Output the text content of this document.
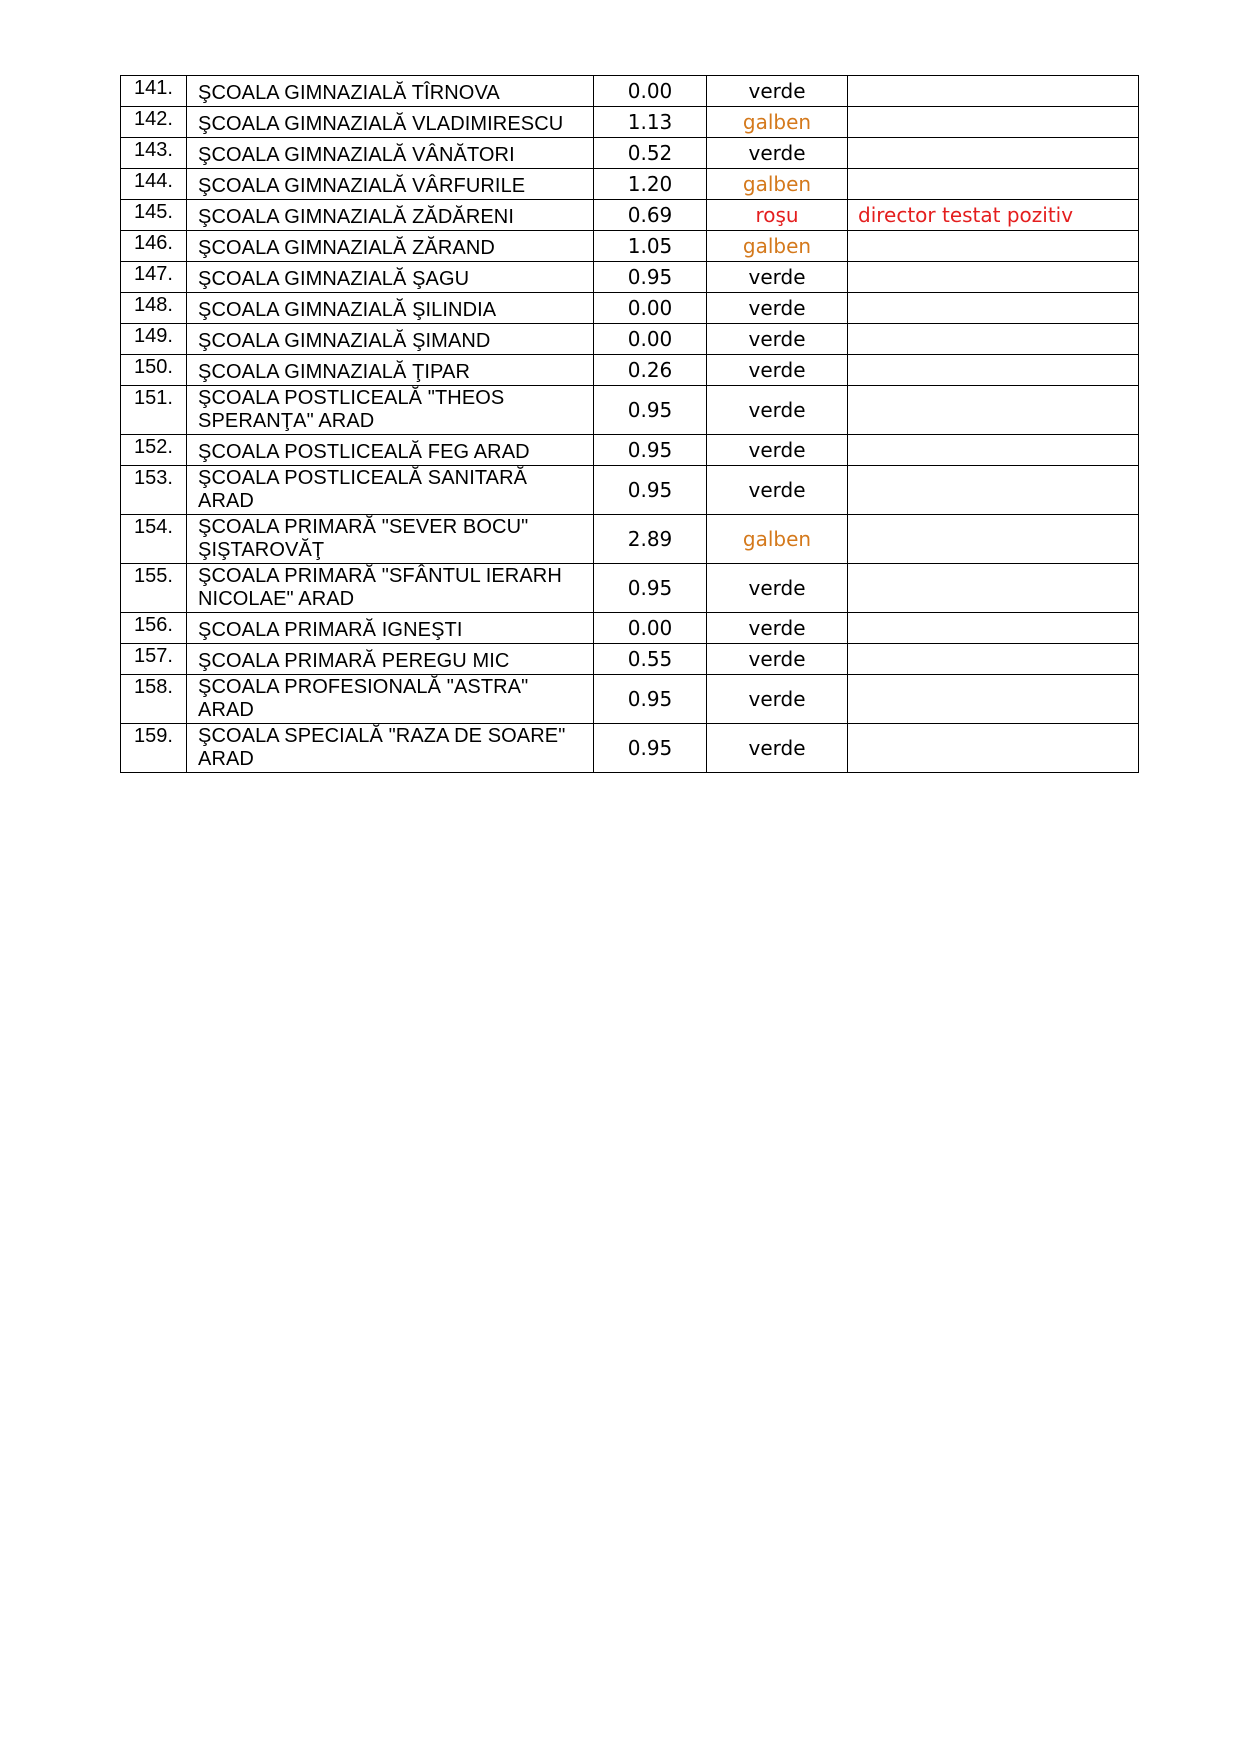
141.	ŞCOALA GIMNAZIALĂ TÎRNOVA	0.00	verde	
142.	ŞCOALA GIMNAZIALĂ VLADIMIRESCU	1.13	galben	
143.	ŞCOALA GIMNAZIALĂ VÂNĂTORI	0.52	verde	
144.	ŞCOALA GIMNAZIALĂ VÂRFURILE	1.20	galben	
145.	ŞCOALA GIMNAZIALĂ ZĂDĂRENI	0.69	roşu	director testat pozitiv
146.	ŞCOALA GIMNAZIALĂ ZĂRAND	1.05	galben	
147.	ŞCOALA GIMNAZIALĂ ŞAGU	0.95	verde	
148.	ŞCOALA GIMNAZIALĂ ŞILINDIA	0.00	verde	
149.	ŞCOALA GIMNAZIALĂ ŞIMAND	0.00	verde	
150.	ŞCOALA GIMNAZIALĂ ŢIPAR	0.26	verde	
151.	ŞCOALA POSTLICEALĂ "THEOS SPERANŢA" ARAD	0.95	verde	
152.	ŞCOALA POSTLICEALĂ FEG ARAD	0.95	verde	
153.	ŞCOALA POSTLICEALĂ SANITARĂ ARAD	0.95	verde	
154.	ŞCOALA PRIMARĂ "SEVER BOCU" ŞIŞTAROVĂŢ	2.89	galben	
155.	ŞCOALA PRIMARĂ "SFÂNTUL IERARH NICOLAE" ARAD	0.95	verde	
156.	ŞCOALA PRIMARĂ IGNEŞTI	0.00	verde	
157.	ŞCOALA PRIMARĂ PEREGU MIC	0.55	verde	
158.	ŞCOALA PROFESIONALĂ "ASTRA" ARAD	0.95	verde	
159.	ŞCOALA SPECIALĂ "RAZA DE SOARE" ARAD	0.95	verde	
